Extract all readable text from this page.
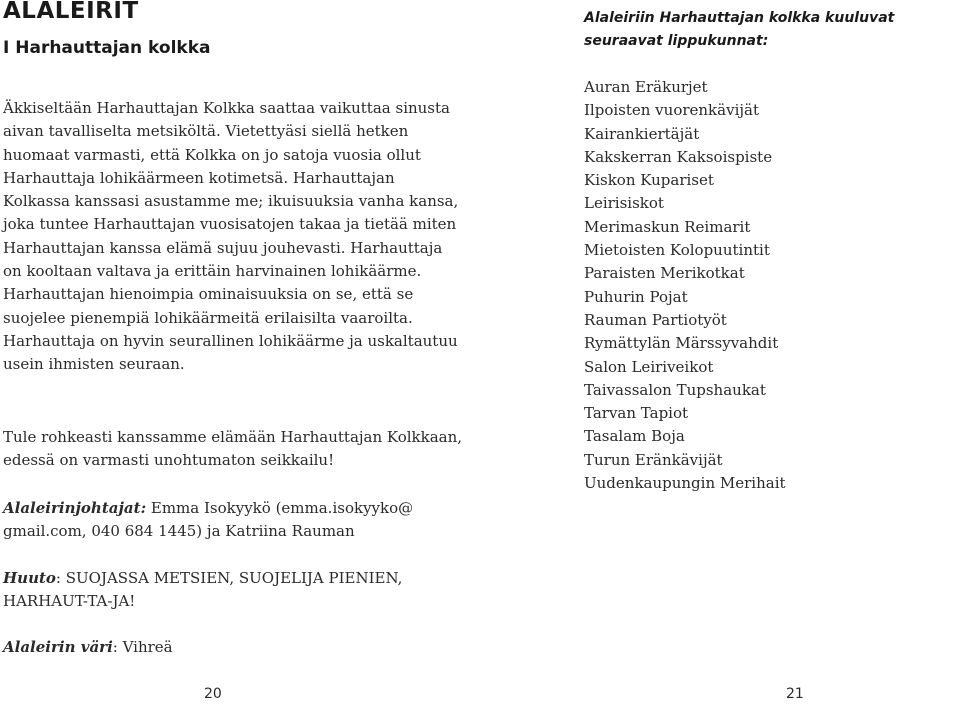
ALALEIRIT
I Harhauttajan kolkka

Äkkiseltään Harhauttajan Kolkka saattaa vaikuttaa sinusta aivan tavalliselta metsiköltä. Vietettyäsi siellä hetken huomaat varmasti, että Kolkka on jo satoja vuosia ollut Harhauttaja lohikäärmeen kotimetsä. Harhauttajan Kolkassa kanssasi asustamme me; ikuisuuksia vanha kansa, joka tuntee Harhauttajan vuosisatojen takaa ja tietää miten Harhauttajan kanssa elämä sujuu jouhevasti. Harhauttaja on kooltaan valtava ja erittäin harvinainen lohikäärme. Harhauttajan hienoimpia ominaisuuksia on se, että se suojelee pienempiä lohikäärmeitä erilaisilta vaaroilta. Harhauttaja on hyvin seurallinen lohikäärme ja uskaltautuu usein ihmisten seuraan.

Tule rohkeasti kanssamme elämään Harhauttajan Kolkkaan, edessä on varmasti unohtumaton seikkailu!

Alaleirinjohtajat: Emma Isokyykö (emma.isokyyko@ gmail.com, 040 684 1445) ja Katriina Rauman

Huuto: SUOJASSA METSIEN, SUOJELIJA PIENIEN, HARHAUT-TA-JA!

Alaleirin väri: Vihreä

20

Alaleiriin Harhauttajan kolkka kuuluvat seuraavat lippukunnat:
Auran Eräkurjet
Ilpoisten vuorenkävijät
Kairankiertäjät
Kakskerran Kaksoispiste
Kiskon Kupariset
Leirisiskot
Merimaskun Reimarit
Mietoisten Kolopuutintit
Paraisten Merikotkat
Puhurin Pojat
Rauman Partiotyöt
Rymättylän Märssyvahdit
Salon Leiriveikot
Taivassalon Tupshaukat
Tarvan Tapiot
Tasalam Boja
Turun Eränkävijät
Uudenkaupungin Merihait

21
